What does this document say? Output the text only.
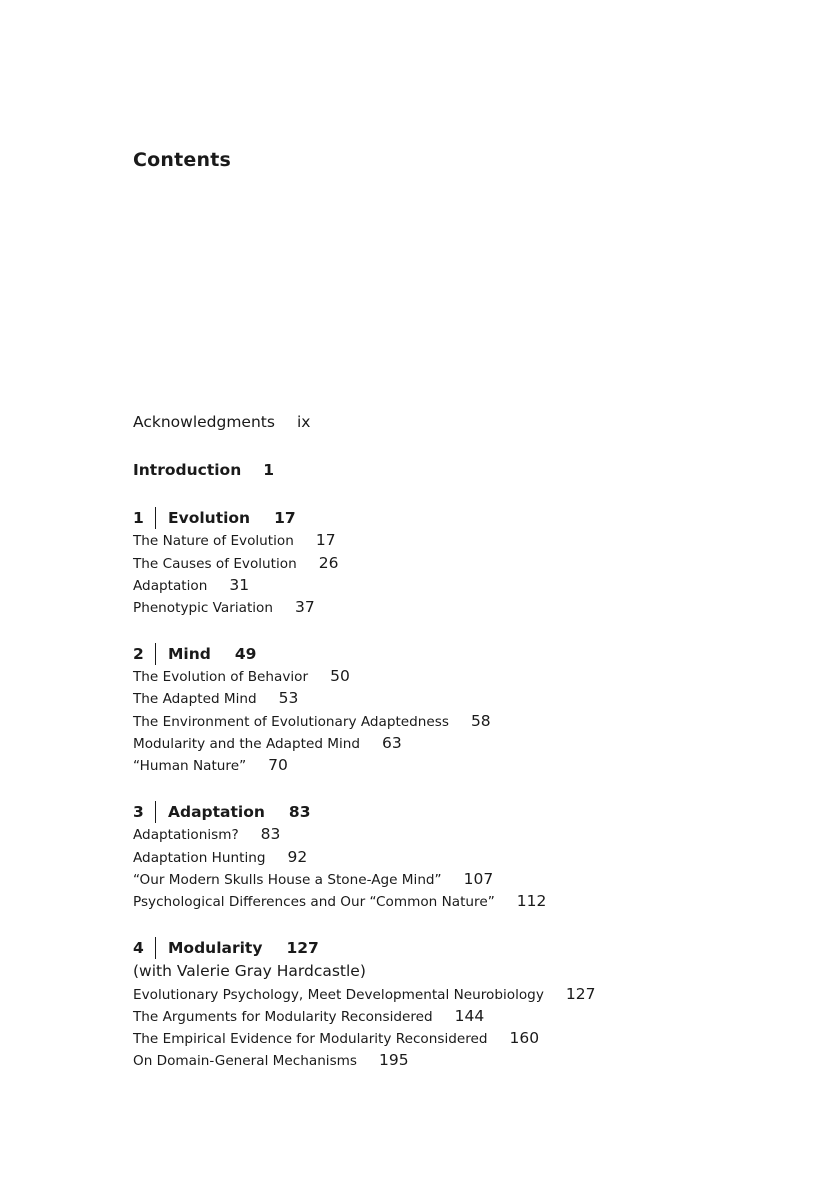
Contents
Acknowledgments ix
Introduction 1
1 Evolution 17
The Nature of Evolution 17
The Causes of Evolution 26
Adaptation 31
Phenotypic Variation 37
2 Mind 49
The Evolution of Behavior 50
The Adapted Mind 53
The Environment of Evolutionary Adaptedness 58
Modularity and the Adapted Mind 63
“Human Nature” 70
3 Adaptation 83
Adaptationism? 83
Adaptation Hunting 92
“Our Modern Skulls House a Stone-Age Mind” 107
Psychological Differences and Our “Common Nature” 112
4 Modularity 127
(with Valerie Gray Hardcastle)
Evolutionary Psychology, Meet Developmental Neurobiology 127
The Arguments for Modularity Reconsidered 144
The Empirical Evidence for Modularity Reconsidered 160
On Domain-General Mechanisms 195
